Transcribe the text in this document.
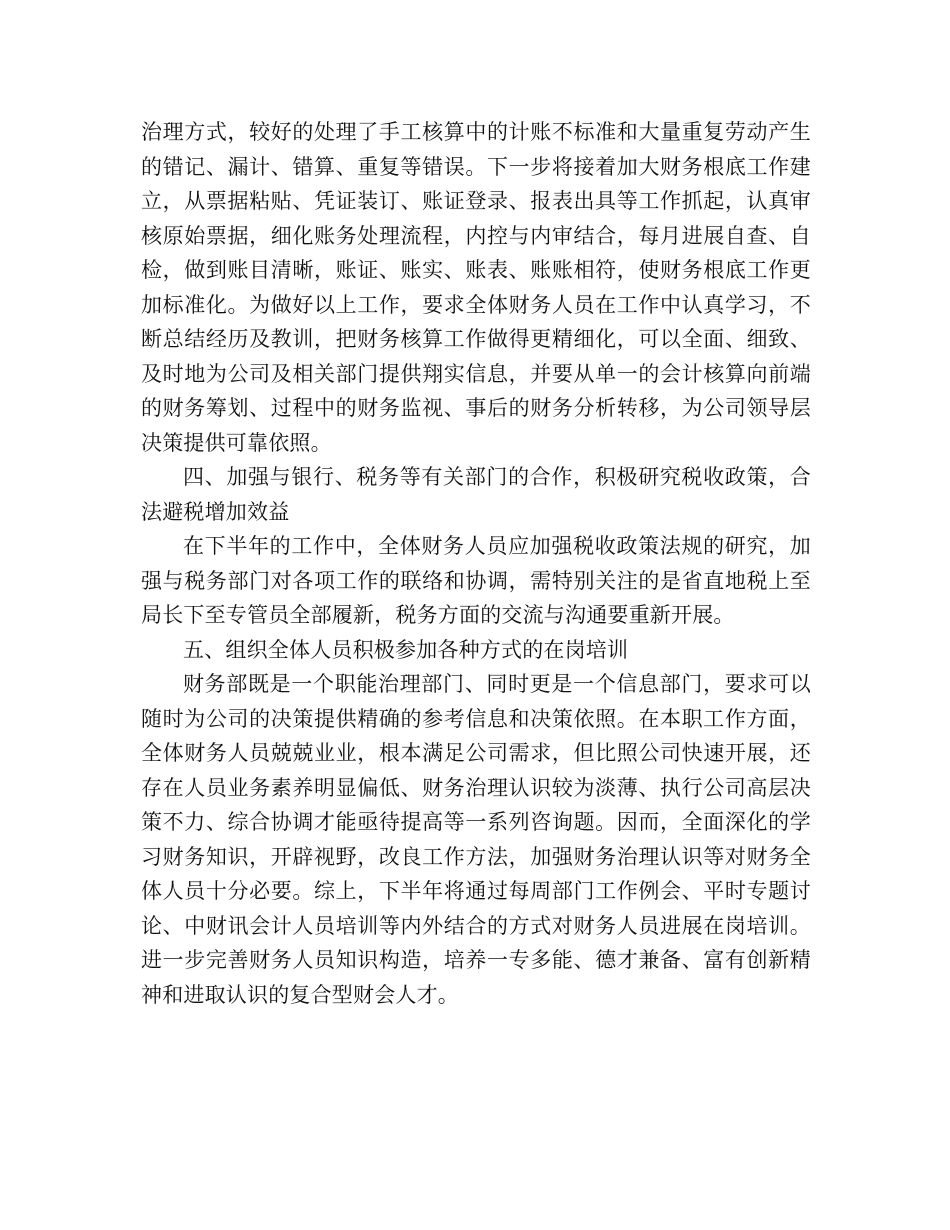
治理方式，较好的处理了手工核算中的计账不标准和大量重复劳动产生的错记、漏计、错算、重复等错误。下一步将接着加大财务根底工作建立，从票据粘贴、凭证装订、账证登录、报表出具等工作抓起，认真审核原始票据，细化账务处理流程，内控与内审结合，每月进展自查、自检，做到账目清晰，账证、账实、账表、账账相符，使财务根底工作更加标准化。为做好以上工作，要求全体财务人员在工作中认真学习，不断总结经历及教训，把财务核算工作做得更精细化，可以全面、细致、及时地为公司及相关部门提供翔实信息，并要从单一的会计核算向前端的财务筹划、过程中的财务监视、事后的财务分析转移，为公司领导层决策提供可靠依照。

四、加强与银行、税务等有关部门的合作，积极研究税收政策，合法避税增加效益

在下半年的工作中，全体财务人员应加强税收政策法规的研究，加强与税务部门对各项工作的联络和协调，需特别关注的是省直地税上至局长下至专管员全部履新，税务方面的交流与沟通要重新开展。

五、组织全体人员积极参加各种方式的在岗培训

财务部既是一个职能治理部门、同时更是一个信息部门，要求可以随时为公司的决策提供精确的参考信息和决策依照。在本职工作方面，全体财务人员兢兢业业，根本满足公司需求，但比照公司快速开展，还存在人员业务素养明显偏低、财务治理认识较为淡薄、执行公司高层决策不力、综合协调才能亟待提高等一系列咨询题。因而，全面深化的学习财务知识，开辟视野，改良工作方法，加强财务治理认识等对财务全体人员十分必要。综上，下半年将通过每周部门工作例会、平时专题讨论、中财讯会计人员培训等内外结合的方式对财务人员进展在岗培训。进一步完善财务人员知识构造，培养一专多能、德才兼备、富有创新精神和进取认识的复合型财会人才。
